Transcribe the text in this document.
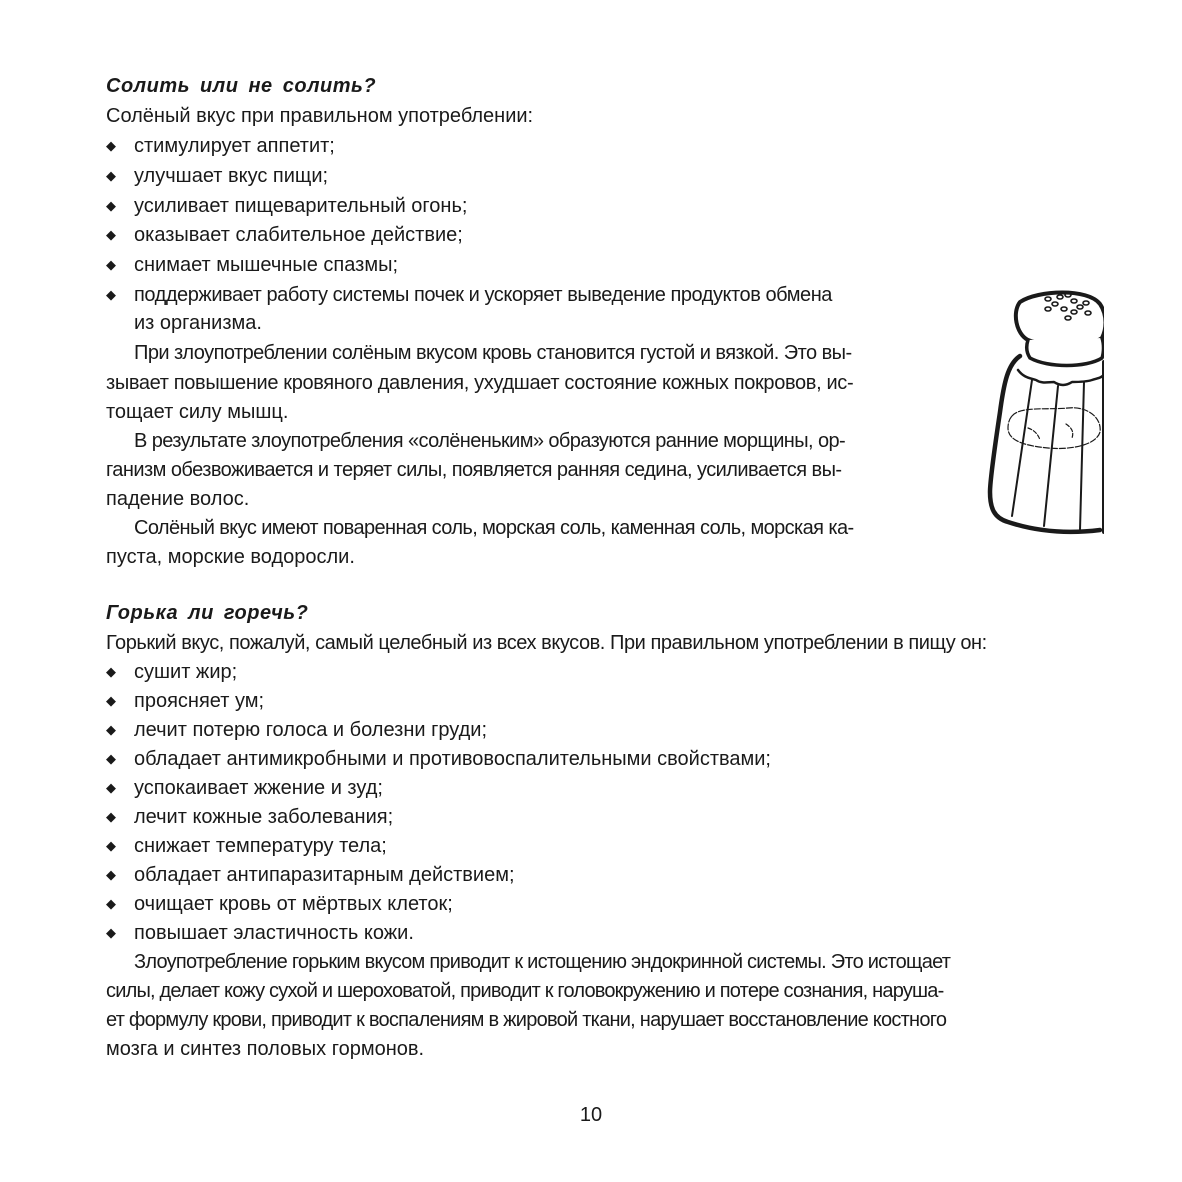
Солить или не солить?
Солёный вкус при правильном употреблении:
◆ стимулирует аппетит;
◆ улучшает вкус пищи;
◆ усиливает пищеварительный огонь;
◆ оказывает слабительное действие;
◆ снимает мышечные спазмы;
◆ поддерживает работу системы почек и ускоряет выведение продуктов обмена
из организма.
При злоупотреблении солёным вкусом кровь становится густой и вязкой. Это вы-
зывает повышение кровяного давления, ухудшает состояние кожных покровов, ис-
тощает силу мышц.
В результате злоупотребления «солёненьким» образуются ранние морщины, ор-
ганизм обезвоживается и теряет силы, появляется ранняя седина, усиливается вы-
падение волос.
Солёный вкус имеют поваренная соль, морская соль, каменная соль, морская ка-
пуста, морские водоросли.
Горька ли горечь?
Горький вкус, пожалуй, самый целебный из всех вкусов. При правильном употреблении в пищу он:
◆ сушит жир;
◆ проясняет ум;
◆ лечит потерю голоса и болезни груди;
◆ обладает антимикробными и противовоспалительными свойствами;
◆ успокаивает жжение и зуд;
◆ лечит кожные заболевания;
◆ снижает температуру тела;
◆ обладает антипаразитарным действием;
◆ очищает кровь от мёртвых клеток;
◆ повышает эластичность кожи.
Злоупотребление горьким вкусом приводит к истощению эндокринной системы. Это истощает
силы, делает кожу сухой и шероховатой, приводит к головокружению и потере сознания, наруша-
ет формулу крови, приводит к воспалениям в жировой ткани, нарушает восстановление костного
мозга и синтез половых гормонов.
10
